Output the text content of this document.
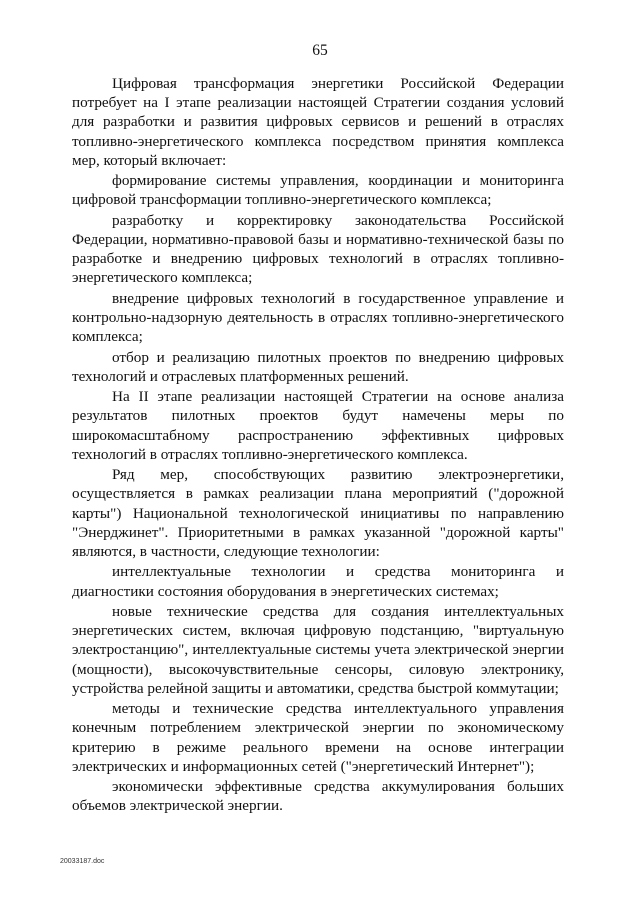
65

Цифровая трансформация энергетики Российской Федерации потребует на I этапе реализации настоящей Стратегии создания условий для разработки и развития цифровых сервисов и решений в отраслях топливно-энергетического комплекса посредством принятия комплекса мер, который включает:

формирование системы управления, координации и мониторинга цифровой трансформации топливно-энергетического комплекса;

разработку и корректировку законодательства Российской Федерации, нормативно-правовой базы и нормативно-технической базы по разработке и внедрению цифровых технологий в отраслях топливно-энергетического комплекса;

внедрение цифровых технологий в государственное управление и контрольно-надзорную деятельность в отраслях топливно-энергетического комплекса;

отбор и реализацию пилотных проектов по внедрению цифровых технологий и отраслевых платформенных решений.

На II этапе реализации настоящей Стратегии на основе анализа результатов пилотных проектов будут намечены меры по широкомасштабному распространению эффективных цифровых технологий в отраслях топливно-энергетического комплекса.

Ряд мер, способствующих развитию электроэнергетики, осуществляется в рамках реализации плана мероприятий ("дорожной карты") Национальной технологической инициативы по направлению "Энерджинет". Приоритетными в рамках указанной "дорожной карты" являются, в частности, следующие технологии:

интеллектуальные технологии и средства мониторинга и диагностики состояния оборудования в энергетических системах;

новые технические средства для создания интеллектуальных энергетических систем, включая цифровую подстанцию, "виртуальную электростанцию", интеллектуальные системы учета электрической энергии (мощности), высокочувствительные сенсоры, силовую электронику, устройства релейной защиты и автоматики, средства быстрой коммутации;

методы и технические средства интеллектуального управления конечным потреблением электрической энергии по экономическому критерию в режиме реального времени на основе интеграции электрических и информационных сетей ("энергетический Интернет");

экономически эффективные средства аккумулирования больших объемов электрической энергии.

20033187.doc
